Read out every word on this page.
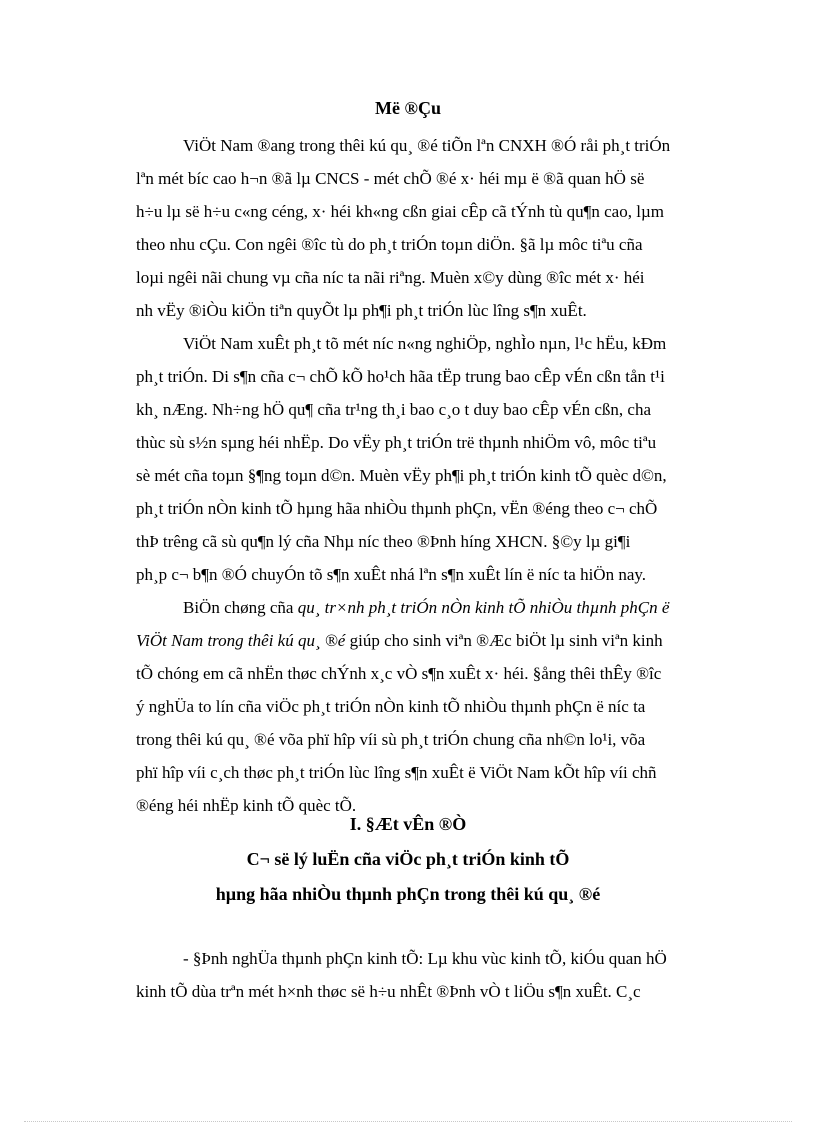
Më ®Çu
ViÖt Nam ®ang trong thêi kú qu¸ ®é tiÕn lªn CNXH ®Ó råi ph¸t triÓn
lªn mét bíc cao h¬n ®ã lµ CNCS - mét chÕ ®é x· héi mµ ë ®ã quan hÖ së
h÷u lµ së h÷u c«ng céng, x· héi kh«ng cßn giai cÊp cã tÝnh tù qu¶n cao, lµm
theo nhu cÇu. Con ngêi ®îc tù do ph¸t triÓn toµn diÖn. §ã lµ môc tiªu cña
loµi ngêi nãi chung vµ cña níc ta nãi riªng. Muèn x©y dùng ®îc mét x· héi
nh vËy ®iÒu kiÖn tiªn quyÕt lµ ph¶i ph¸t triÓn lùc lîng s¶n xuÊt.
ViÖt Nam xuÊt ph¸t tõ mét níc n«ng nghiÖp, nghÌo nµn, l¹c hËu, kÐm
ph¸t triÓn. Di s¶n cña c¬ chÕ kÕ ho¹ch hãa tËp trung bao cÊp vÉn cßn tån t¹i
kh¸ nÆng. Nh÷ng hÖ qu¶ cña tr¹ng th¸i bao c¸o t duy bao cÊp vÉn cßn, cha
thùc sù s½n sµng héi nhËp. Do vËy ph¸t triÓn trë thµnh nhiÖm vô, môc tiªu
sè mét cña toµn §¶ng toµn d©n. Muèn vËy ph¶i ph¸t triÓn kinh tÕ quèc d©n,
ph¸t triÓn nÒn kinh tÕ hµng hãa nhiÒu thµnh phÇn, vËn ®éng theo c¬ chÕ
thÞ trêng cã sù qu¶n lý cña Nhµ níc theo ®Þnh híng XHCN. §©y lµ gi¶i
ph¸p c¬ b¶n ®Ó chuyÓn tõ s¶n xuÊt nhá lªn s¶n xuÊt lín ë níc ta hiÖn nay.
BiÖn chøng cña qu¸ tr×nh ph¸t triÓn nÒn kinh tÕ nhiÒu thµnh phÇn ë
ViÖt Nam trong thêi kú qu¸ ®é giúp cho sinh viªn ®Æc biÖt lµ sinh viªn kinh
tÕ chóng em cã nhËn thøc chÝnh x¸c vÒ s¶n xuÊt x· héi. §ång thêi thÊy ®îc
ý nghÜa to lín cña viÖc ph¸t triÓn nÒn kinh tÕ nhiÒu thµnh phÇn ë níc ta
trong thêi kú qu¸ ®é võa phï hîp víi sù ph¸t triÓn chung cña nh©n lo¹i, võa
phï hîp víi c¸ch thøc ph¸t triÓn lùc lîng s¶n xuÊt ë ViÖt Nam kÕt hîp víi chñ
®éng héi nhËp kinh tÕ quèc tÕ.
I. §Æt vÊn ®Ò
C¬ së lý luËn cña viÖc ph¸t triÓn kinh tÕ
hµng hãa nhiÒu thµnh phÇn trong thêi kú qu¸ ®é
- §Þnh nghÜa thµnh phÇn kinh tÕ: Lµ khu vùc kinh tÕ, kiÓu quan hÖ
kinh tÕ dùa trªn mét h×nh thøc së h÷u nhÊt ®Þnh vÒ t liÖu s¶n xuÊt. C¸c
